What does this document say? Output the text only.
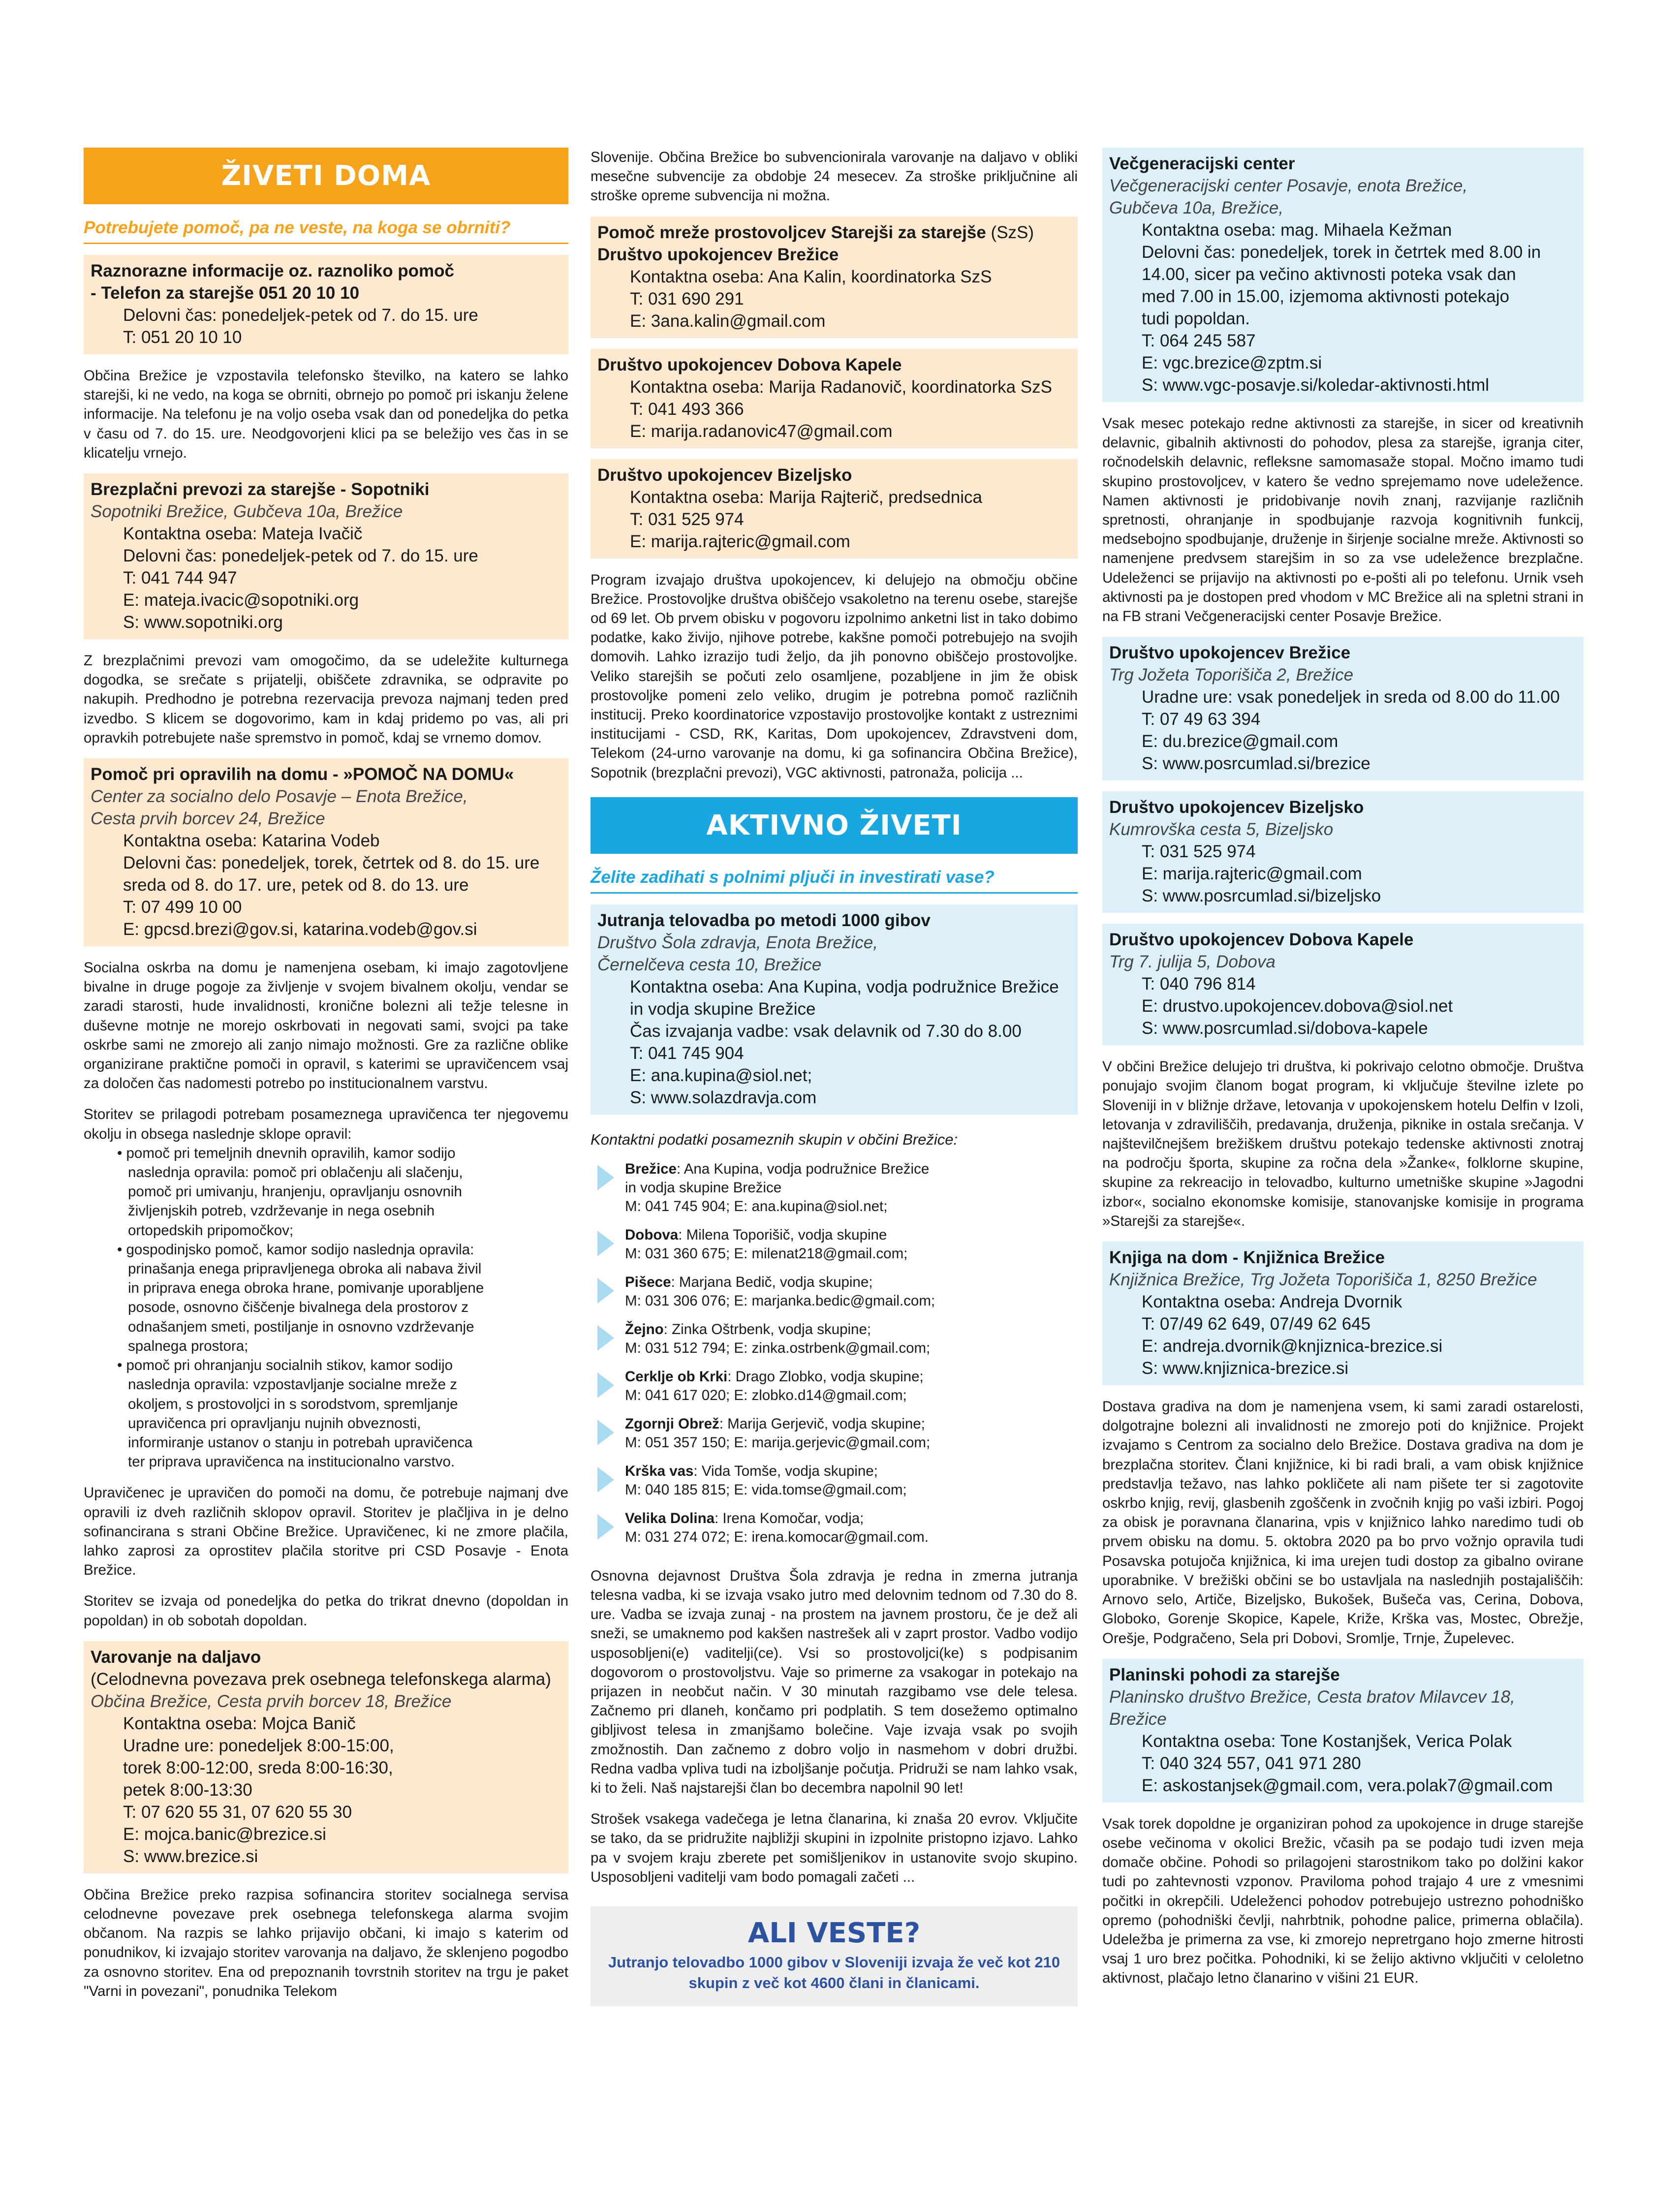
ŽIVETI DOMA
Potrebujete pomoč, pa ne veste, na koga se obrniti?
Raznorazne informacije oz. raznoliko pomoč
- Telefon za starejše 051 20 10 10
Delovni čas: ponedeljek-petek od 7. do 15. ure
T: 051 20 10 10
Občina Brežice je vzpostavila telefonsko številko, na katero se lahko starejši, ki ne vedo, na koga se obrniti, obrnejo po pomoč pri iskanju želene informacije. Na telefonu je na voljo oseba vsak dan od ponedeljka do petka v času od 7. do 15. ure. Neodgovorjeni klici pa se beležijo ves čas in se klicatelju vrnejo.
Brezplačni prevozi za starejše - Sopotniki
Sopotniki Brežice, Gubčeva 10a, Brežice
Kontaktna oseba: Mateja Ivačič
Delovni čas: ponedeljek-petek od 7. do 15. ure
T: 041 744 947
E: mateja.ivacic@sopotniki.org
S: www.sopotniki.org
Z brezplačnimi prevozi vam omogočimo, da se udeležite kulturnega dogodka, se srečate s prijatelji, obiščete zdravnika, se odpravite po nakupih. Predhodno je potrebna rezervacija prevoza najmanj teden pred izvedbo. S klicem se dogovorimo, kam in kdaj pridemo po vas, ali pri opravkih potrebujete naše spremstvo in pomoč, kdaj se vrnemo domov.
Pomoč pri opravilih na domu - »POMOČ NA DOMU«
Center za socialno delo Posavje – Enota Brežice,
Cesta prvih borcev 24, Brežice
Kontaktna oseba: Katarina Vodeb
Delovni čas: ponedeljek, torek, četrtek od 8. do 15. ure
sreda od 8. do 17. ure, petek od 8. do 13. ure
T: 07 499 10 00
E: gpcsd.brezi@gov.si, katarina.vodeb@gov.si
Socialna oskrba na domu je namenjena osebam, ki imajo zagotovljene bivalne in druge pogoje za življenje v svojem bivalnem okolju, vendar se zaradi starosti, hude invalidnosti, kronične bolezni ali težje telesne in duševne motnje ne morejo oskrbovati in negovati sami, svojci pa take oskrbe sami ne zmorejo ali zanjo nimajo možnosti. Gre za različne oblike organizirane praktične pomoči in opravil, s katerimi se upravičencem vsaj za določen čas nadomesti potrebo po institucionalnem varstvu.
Storitev se prilagodi potrebam posameznega upravičenca ter njegovemu okolju in obsega naslednje sklope opravil:
• pomoč pri temeljnih dnevnih opravilih, kamor sodijo
naslednja opravila: pomoč pri oblačenju ali slačenju,
pomoč pri umivanju, hranjenju, opravljanju osnovnih
življenjskih potreb, vzdrževanje in nega osebnih
ortopedskih pripomočkov;
• gospodinjsko pomoč, kamor sodijo naslednja opravila:
prinašanja enega pripravljenega obroka ali nabava živil
in priprava enega obroka hrane, pomivanje uporabljene
posode, osnovno čiščenje bivalnega dela prostorov z
odnašanjem smeti, postiljanje in osnovno vzdrževanje
spalnega prostora;
• pomoč pri ohranjanju socialnih stikov, kamor sodijo
naslednja opravila: vzpostavljanje socialne mreže z
okoljem, s prostovoljci in s sorodstvom, spremljanje
upravičenca pri opravljanju nujnih obveznosti,
informiranje ustanov o stanju in potrebah upravičenca
ter priprava upravičenca na institucionalno varstvo.
Upravičenec je upravičen do pomoči na domu, če potrebuje najmanj dve opravili iz dveh različnih sklopov opravil. Storitev je plačljiva in je delno sofinancirana s strani Občine Brežice. Upravičenec, ki ne zmore plačila, lahko zaprosi za oprostitev plačila storitve pri CSD Posavje - Enota Brežice.
Storitev se izvaja od ponedeljka do petka do trikrat dnevno (dopoldan in popoldan) in ob sobotah dopoldan.
Varovanje na daljavo
(Celodnevna povezava prek osebnega telefonskega alarma)
Občina Brežice, Cesta prvih borcev 18, Brežice
Kontaktna oseba: Mojca Banič
Uradne ure: ponedeljek 8:00-15:00,
torek 8:00-12:00, sreda 8:00-16:30,
petek 8:00-13:30
T: 07 620 55 31, 07 620 55 30
E: mojca.banic@brezice.si
S: www.brezice.si
Občina Brežice preko razpisa sofinancira storitev socialnega servisa celodnevne povezave prek osebnega telefonskega alarma svojim občanom. Na razpis se lahko prijavijo občani, ki imajo s katerim od ponudnikov, ki izvajajo storitev varovanja na daljavo, že sklenjeno pogodbo za osnovno storitev. Ena od prepoznanih tovrstnih storitev na trgu je paket "Varni in povezani", ponudnika Telekom
Slovenije. Občina Brežice bo subvencionirala varovanje na daljavo v obliki mesečne subvencije za obdobje 24 mesecev. Za stroške priključnine ali stroške opreme subvencija ni možna.
Pomoč mreže prostovoljcev Starejši za starejše (SzS)
Društvo upokojencev Brežice
Kontaktna oseba: Ana Kalin, koordinatorka SzS
T: 031 690 291
E: 3ana.kalin@gmail.com
Društvo upokojencev Dobova Kapele
Kontaktna oseba: Marija Radanovič, koordinatorka SzS
T: 041 493 366
E: marija.radanovic47@gmail.com
Društvo upokojencev Bizeljsko
Kontaktna oseba: Marija Rajterič, predsednica
T: 031 525 974
E: marija.rajteric@gmail.com
Program izvajajo društva upokojencev, ki delujejo na območju občine Brežice. Prostovoljke društva obiščejo vsakoletno na terenu osebe, starejše od 69 let. Ob prvem obisku v pogovoru izpolnimo anketni list in tako dobimo podatke, kako živijo, njihove potrebe, kakšne pomoči potrebujejo na svojih domovih. Lahko izrazijo tudi željo, da jih ponovno obiščejo prostovoljke. Veliko starejših se počuti zelo osamljene, pozabljene in jim že obisk prostovoljke pomeni zelo veliko, drugim je potrebna pomoč različnih institucij. Preko koordinatorice vzpostavijo prostovoljke kontakt z ustreznimi institucijami - CSD, RK, Karitas, Dom upokojencev, Zdravstveni dom, Telekom (24-urno varovanje na domu, ki ga sofinancira Občina Brežice), Sopotnik (brezplačni prevozi), VGC aktivnosti, patronaža, policija ...
AKTIVNO ŽIVETI
Želite zadihati s polnimi pljuči in investirati vase?
Jutranja telovadba po metodi 1000 gibov
Društvo Šola zdravja, Enota Brežice,
Černelčeva cesta 10, Brežice
Kontaktna oseba: Ana Kupina, vodja podružnice Brežice
in vodja skupine Brežice
Čas izvajanja vadbe: vsak delavnik od 7.30 do 8.00
T: 041 745 904
E: ana.kupina@siol.net;
S: www.solazdravja.com
Kontaktni podatki posameznih skupin v občini Brežice:
Brežice: Ana Kupina, vodja podružnice Brežice
in vodja skupine Brežice
M: 041 745 904; E: ana.kupina@siol.net;
Dobova: Milena Toporišič, vodja skupine
M: 031 360 675; E: milenat218@gmail.com;
Pišece: Marjana Bedič, vodja skupine;
M: 031 306 076; E: marjanka.bedic@gmail.com;
Žejno: Zinka Oštrbenk, vodja skupine;
M: 031 512 794; E: zinka.ostrbenk@gmail.com;
Cerklje ob Krki: Drago Zlobko, vodja skupine;
M: 041 617 020; E: zlobko.d14@gmail.com;
Zgornji Obrež: Marija Gerjevič, vodja skupine;
M: 051 357 150; E: marija.gerjevic@gmail.com;
Krška vas: Vida Tomše, vodja skupine;
M: 040 185 815; E: vida.tomse@gmail.com;
Velika Dolina: Irena Komočar, vodja;
M: 031 274 072; E: irena.komocar@gmail.com.
Osnovna dejavnost Društva Šola zdravja je redna in zmerna jutranja telesna vadba, ki se izvaja vsako jutro med delovnim tednom od 7.30 do 8. ure. Vadba se izvaja zunaj - na prostem na javnem prostoru, če je dež ali sneži, se umaknemo pod kakšen nastrešek ali v zaprt prostor. Vadbo vodijo usposobljeni(e) vaditelji(ce). Vsi so prostovoljci(ke) s podpisanim dogovorom o prostovoljstvu. Vaje so primerne za vsakogar in potekajo na prijazen in neobčut način. V 30 minutah razgibamo vse dele telesa. Začnemo pri dlaneh, končamo pri podplatih. S tem dosežemo optimalno gibljivost telesa in zmanjšamo bolečine. Vaje izvaja vsak po svojih zmožnostih. Dan začnemo z dobro voljo in nasmehom v dobri družbi. Redna vadba vpliva tudi na izboljšanje počutja. Pridruži se nam lahko vsak, ki to želi. Naš najstarejši član bo decembra napolnil 90 let!
Strošek vsakega vadečega je letna članarina, ki znaša 20 evrov. Vključite se tako, da se pridružite najbližji skupini in izpolnite pristopno izjavo. Lahko pa v svojem kraju zberete pet somišljenikov in ustanovite svojo skupino. Usposobljeni vaditelji vam bodo pomagali začeti ...
ALI VESTE?
Jutranjo telovadbo 1000 gibov v Sloveniji izvaja že več kot 210 skupin z več kot 4600 člani in članicami.
Večgeneracijski center
Večgeneracijski center Posavje, enota Brežice,
Gubčeva 10a, Brežice,
Kontaktna oseba: mag. Mihaela Kežman
Delovni čas: ponedeljek, torek in četrtek med 8.00 in
14.00, sicer pa večino aktivnosti poteka vsak dan
med 7.00 in 15.00, izjemoma aktivnosti potekajo
tudi popoldan.
T: 064 245 587
E: vgc.brezice@zptm.si
S: www.vgc-posavje.si/koledar-aktivnosti.html
Vsak mesec potekajo redne aktivnosti za starejše, in sicer od kreativnih delavnic, gibalnih aktivnosti do pohodov, plesa za starejše, igranja citer, ročnodelskih delavnic, refleksne samomasaže stopal. Močno imamo tudi skupino prostovoljcev, v katero še vedno sprejemamo nove udeležence. Namen aktivnosti je pridobivanje novih znanj, razvijanje različnih spretnosti, ohranjanje in spodbujanje razvoja kognitivnih funkcij, medsebojno spodbujanje, druženje in širjenje socialne mreže. Aktivnosti so namenjene predvsem starejšim in so za vse udeležence brezplačne. Udeleženci se prijavijo na aktivnosti po e-pošti ali po telefonu. Urnik vseh aktivnosti pa je dostopen pred vhodom v MC Brežice ali na spletni strani in na FB strani Večgeneracijski center Posavje Brežice.
Društvo upokojencev Brežice
Trg Jožeta Toporišiča 2, Brežice
Uradne ure: vsak ponedeljek in sreda od 8.00 do 11.00
T: 07 49 63 394
E: du.brezice@gmail.com
S: www.posrcumlad.si/brezice
Društvo upokojencev Bizeljsko
Kumrovška cesta 5, Bizeljsko
T: 031 525 974
E: marija.rajteric@gmail.com
S: www.posrcumlad.si/bizeljsko
Društvo upokojencev Dobova Kapele
Trg 7. julija 5, Dobova
T: 040 796 814
E: drustvo.upokojencev.dobova@siol.net
S: www.posrcumlad.si/dobova-kapele
V občini Brežice delujejo tri društva, ki pokrivajo celotno območje. Društva ponujajo svojim članom bogat program, ki vključuje številne izlete po Sloveniji in v bližnje države, letovanja v upokojenskem hotelu Delfin v Izoli, letovanja v zdraviliščih, predavanja, druženja, piknike in ostala srečanja. V najštevilčnejšem brežiškem društvu potekajo tedenske aktivnosti znotraj na področju športa, skupine za ročna dela »Žanke«, folklorne skupine, skupine za rekreacijo in telovadbo, kulturno umetniške skupine »Jagodni izbor«, socialno ekonomske komisije, stanovanjske komisije in programa »Starejši za starejše«.
Knjiga na dom - Knjižnica Brežice
Knjižnica Brežice, Trg Jožeta Toporišiča 1, 8250 Brežice
Kontaktna oseba: Andreja Dvornik
T: 07/49 62 649, 07/49 62 645
E: andreja.dvornik@knjiznica-brezice.si
S: www.knjiznica-brezice.si
Dostava gradiva na dom je namenjena vsem, ki sami zaradi ostarelosti, dolgotrajne bolezni ali invalidnosti ne zmorejo poti do knjižnice. Projekt izvajamo s Centrom za socialno delo Brežice. Dostava gradiva na dom je brezplačna storitev. Člani knjižnice, ki bi radi brali, a vam obisk knjižnice predstavlja težavo, nas lahko pokličete ali nam pišete ter si zagotovite oskrbo knjig, revij, glasbenih zgoščenk in zvočnih knjig po vaši izbiri. Pogoj za obisk je poravnana članarina, vpis v knjižnico lahko naredimo tudi ob prvem obisku na domu. 5. oktobra 2020 pa bo prvo vožnjo opravila tudi Posavska potujoča knjižnica, ki ima urejen tudi dostop za gibalno ovirane uporabnike. V brežiški občini se bo ustavljala na naslednjih postajališčih: Arnovo selo, Artiče, Bizeljsko, Bukošek, Bušeča vas, Cerina, Dobova, Globoko, Gorenje Skopice, Kapele, Križe, Krška vas, Mostec, Obrežje, Orešje, Podgračeno, Sela pri Dobovi, Sromlje, Trnje, Župelevec.
Planinski pohodi za starejše
Planinsko društvo Brežice, Cesta bratov Milavcev 18, Brežice
Kontaktna oseba: Tone Kostanjšek, Verica Polak
T: 040 324 557, 041 971 280
E: askostanjsek@gmail.com, vera.polak7@gmail.com
Vsak torek dopoldne je organiziran pohod za upokojence in druge starejše osebe večinoma v okolici Brežic, včasih pa se podajo tudi izven meja domače občine. Pohodi so prilagojeni starostnikom tako po dolžini kakor tudi po zahtevnosti vzponov. Praviloma pohod trajajo 4 ure z vmesnimi počitki in okrepčili. Udeleženci pohodov potrebujejo ustrezno pohodniško opremo (pohodniški čevlji, nahrbtnik, pohodne palice, primerna oblačila). Udeležba je primerna za vse, ki zmorejo nepretrgano hojo zmerne hitrosti vsaj 1 uro brez počitka. Pohodniki, ki se želijo aktivno vključiti v celoletno aktivnost, plačajo letno članarino v višini 21 EUR.
